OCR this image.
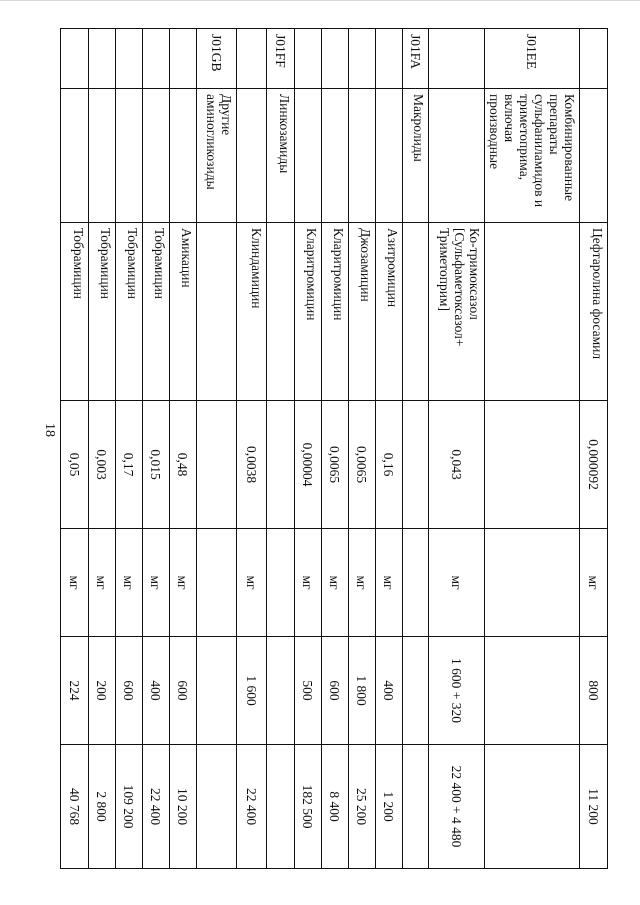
18
		Цефтаролина фосамил	0,000092	мг	800	11 200
J01EE	Комбинированные препараты сульфаниламидов и триметоприма, включая производные					
		Ко-тримоксазол [Сульфаметоксазол+ Триметоприм]	0,043	мг	1 600 + 320	22 400 + 4 480
J01FA	Макролиды					
		Азитромицин	0,16	мг	400	1 200
		Джозамицин	0,0065	мг	1 800	25 200
		Кларитромицин	0,0065	мг	600	8 400
		Кларитромицин	0,00004	мг	500	182 500
J01FF	Линкозамиды					
		Клиндамицин	0,0038	мг	1 600	22 400
J01GB	Другие аминогликозиды					
		Амикацин	0,48	мг	600	10 200
		Тобрамицин	0,015	мг	400	22 400
		Тобрамицин	0,17	мг	600	109 200
		Тобрамицин	0,003	мг	200	2 800
		Тобрамицин	0,05	мг	224	40 768
